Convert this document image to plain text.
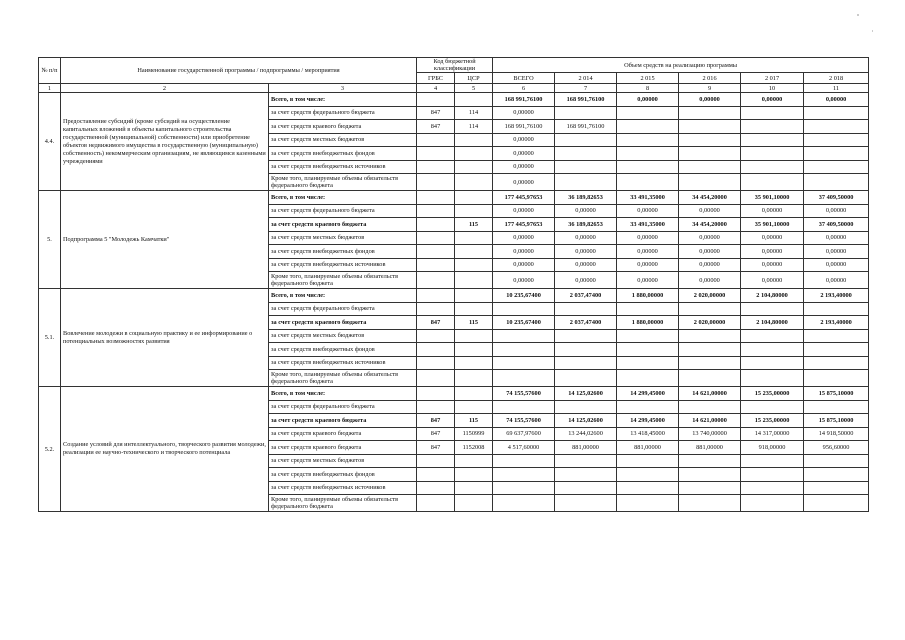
№ п/п	Наименование государственной программы / подпрограммы / мероприятия		Код бюджетной классификации		Объем средств на реализацию программы					
			ГРБС	ЦСР	ВСЕГО	2 014	2 015	2 016	2 017	2 018
1	2	3	4	5	6	7	8	9	10	11
4.4.	Предоставление субсидий (кроме субсидий на осуществление капитальных вложений в объекты капитального строительства государственной (муниципальной) собственности) или приобретение объектов недвижимого имущества в государственную (муниципальную) собственность) некоммерческим организациям, не являющимся казенными учреждениями	Всего, в том числе:			168 991,76100	168 991,76100	0,00000	0,00000	0,00000	0,00000
		за счет средств федерального бюджета	847	114	0,00000					
		за счет средств краевого бюджета	847	114	168 991,76100	168 991,76100				
		за счет средств местных бюджетов			0,00000					
		за счет средств внебюджетных фондов			0,00000					
		за счет средств внебюджетных источников			0,00000					
		Кроме того, планируемые объемы обязательств федерального бюджета			0,00000					
5.	Подпрограмма 5 "Молодежь Камчатки"	Всего, в том числе:			177 445,97653	36 189,82653	33 491,35000	34 454,20000	35 901,10000	37 409,50000
		за счет средств федерального бюджета			0,00000	0,00000	0,00000	0,00000	0,00000	0,00000
		за счет средств краевого бюджета		115	177 445,97653	36 189,82653	33 491,35000	34 454,20000	35 901,10000	37 409,50000
		за счет средств местных бюджетов			0,00000	0,00000	0,00000	0,00000	0,00000	0,00000
		за счет средств внебюджетных фондов			0,00000	0,00000	0,00000	0,00000	0,00000	0,00000
		за счет средств внебюджетных источников			0,00000	0,00000	0,00000	0,00000	0,00000	0,00000
		Кроме того, планируемые объемы обязательств федерального бюджета			0,00000	0,00000	0,00000	0,00000	0,00000	0,00000
5.1.	Вовлечение молодежи в социальную практику и ее информирование о потенциальных возможностях развития	Всего, в том числе:			10 235,67400	2 037,47400	1 880,00000	2 020,00000	2 104,80000	2 193,40000
		за счет средств федерального бюджета								
		за счет средств краевого бюджета	847	115	10 235,67400	2 037,47400	1 880,00000	2 020,00000	2 104,80000	2 193,40000
		за счет средств местных бюджетов								
		за счет средств внебюджетных фондов								
		за счет средств внебюджетных источников								
		Кроме того, планируемые объемы обязательств федерального бюджета								
5.2.	Создание условий для интеллектуального, творческого развития молодежи, реализации ее научно-технического и творческого потенциала	Всего, в том числе:			74 155,57600	14 125,02600	14 299,45000	14 621,00000	15 235,00000	15 875,10000
		за счет средств федерального бюджета								
		за счет средств краевого бюджета	847	115	74 155,57600	14 125,02600	14 299,45000	14 621,00000	15 235,00000	15 875,10000
		за счет средств краевого бюджета	847	1150999	69 637,97600	13 244,02600	13 418,45000	13 740,00000	14 317,00000	14 918,50000
		за счет средств краевого бюджета	847	1152008	4 517,60000	881,00000	881,00000	881,00000	918,00000	956,60000
		за счет средств местных бюджетов								
		за счет средств внебюджетных фондов								
		за счет средств внебюджетных источников								
		Кроме того, планируемые объемы обязательств федерального бюджета								
